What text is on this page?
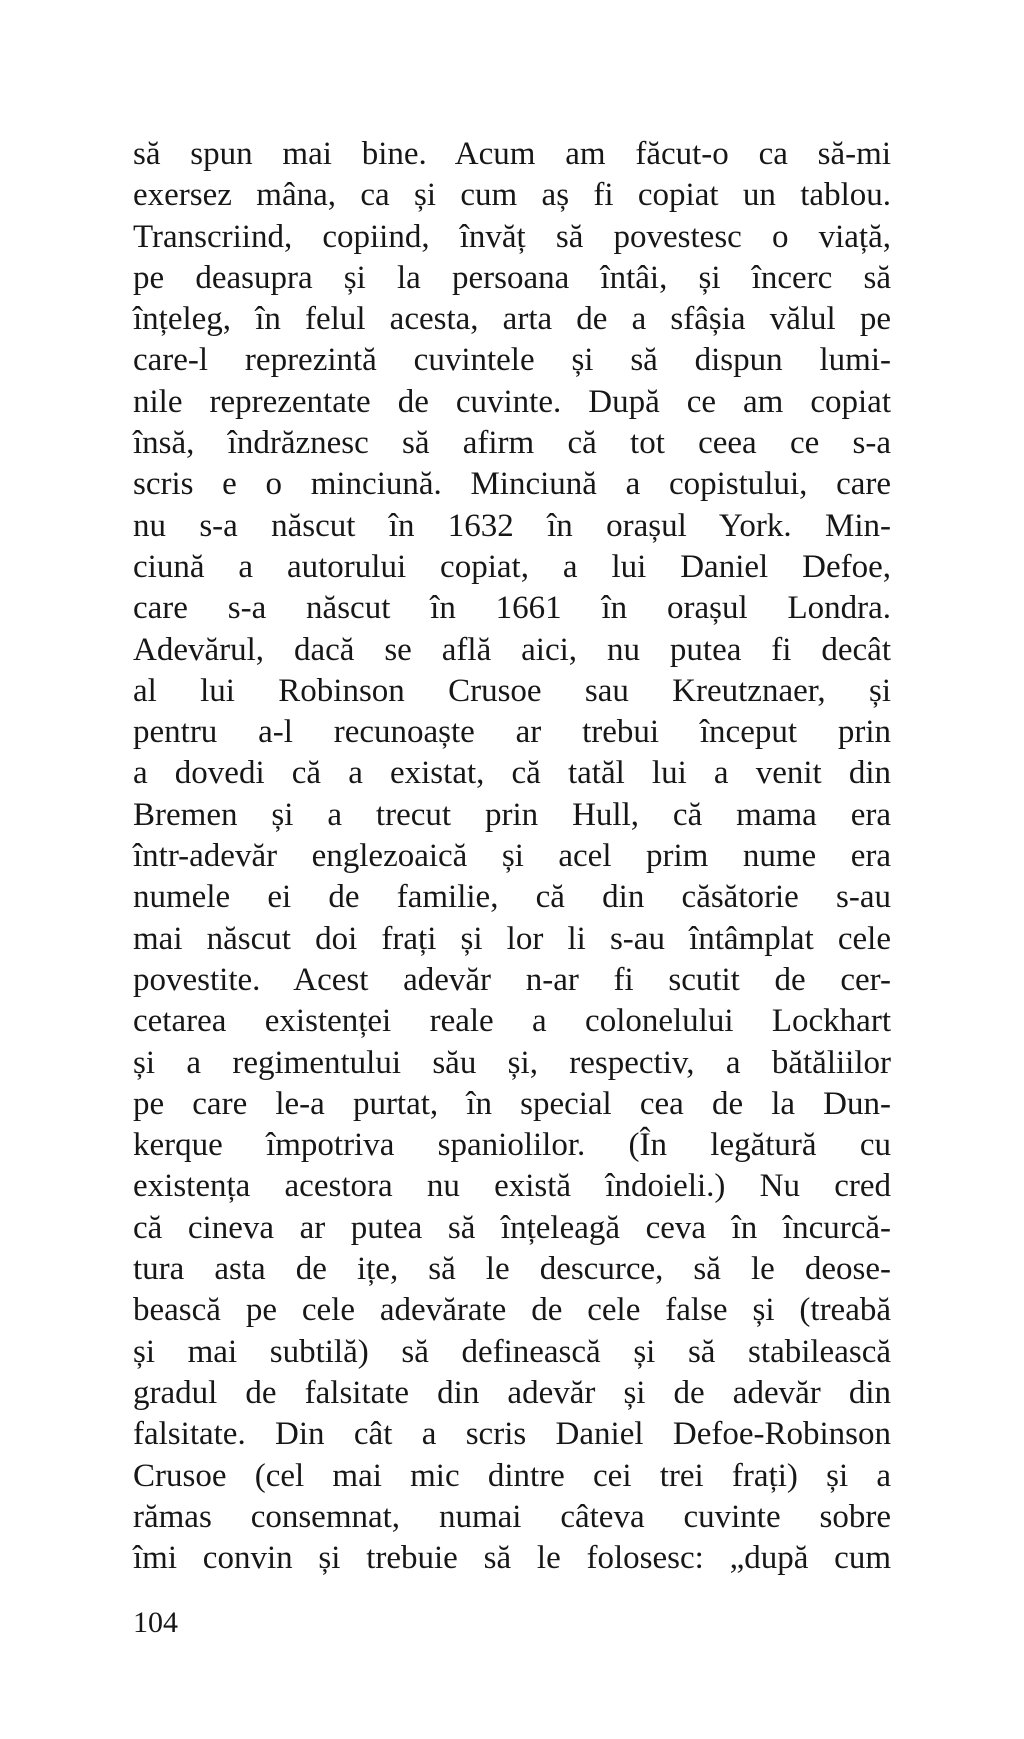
să spun mai bine. Acum am făcut-o ca să-mi
exersez mâna, ca și cum aș fi copiat un tablou.
Transcriind, copiind, învăț să povestesc o viață,
pe deasupra și la persoana întâi, și încerc să
înțeleg, în felul acesta, arta de a sfâșia vălul pe
care-l reprezintă cuvintele și să dispun lumi-
nile reprezentate de cuvinte. După ce am copiat
însă, îndrăznesc să afirm că tot ceea ce s-a
scris e o minciună. Minciună a copistului, care
nu s-a născut în 1632 în orașul York. Min-
ciună a autorului copiat, a lui Daniel Defoe,
care s-a născut în 1661 în orașul Londra.
Adevărul, dacă se află aici, nu putea fi decât
al lui Robinson Crusoe sau Kreutznaer, și
pentru a-l recunoaște ar trebui început prin
a dovedi că a existat, că tatăl lui a venit din
Bremen și a trecut prin Hull, că mama era
într-adevăr englezoaică și acel prim nume era
numele ei de familie, că din căsătorie s-au
mai născut doi frați și lor li s-au întâmplat cele
povestite. Acest adevăr n-ar fi scutit de cer-
cetarea existenței reale a colonelului Lockhart
și a regimentului său și, respectiv, a bătăliilor
pe care le-a purtat, în special cea de la Dun-
kerque împotriva spaniolilor. (În legătură cu
existența acestora nu există îndoieli.) Nu cred
că cineva ar putea să înțeleagă ceva în încurcă-
tura asta de ițe, să le descurce, să le deose-
bească pe cele adevărate de cele false și (treabă
și mai subtilă) să definească și să stabilească
gradul de falsitate din adevăr și de adevăr din
falsitate. Din cât a scris Daniel Defoe-Robinson
Crusoe (cel mai mic dintre cei trei frați) și a
rămas consemnat, numai câteva cuvinte sobre
îmi convin și trebuie să le folosesc: „după cum
104
